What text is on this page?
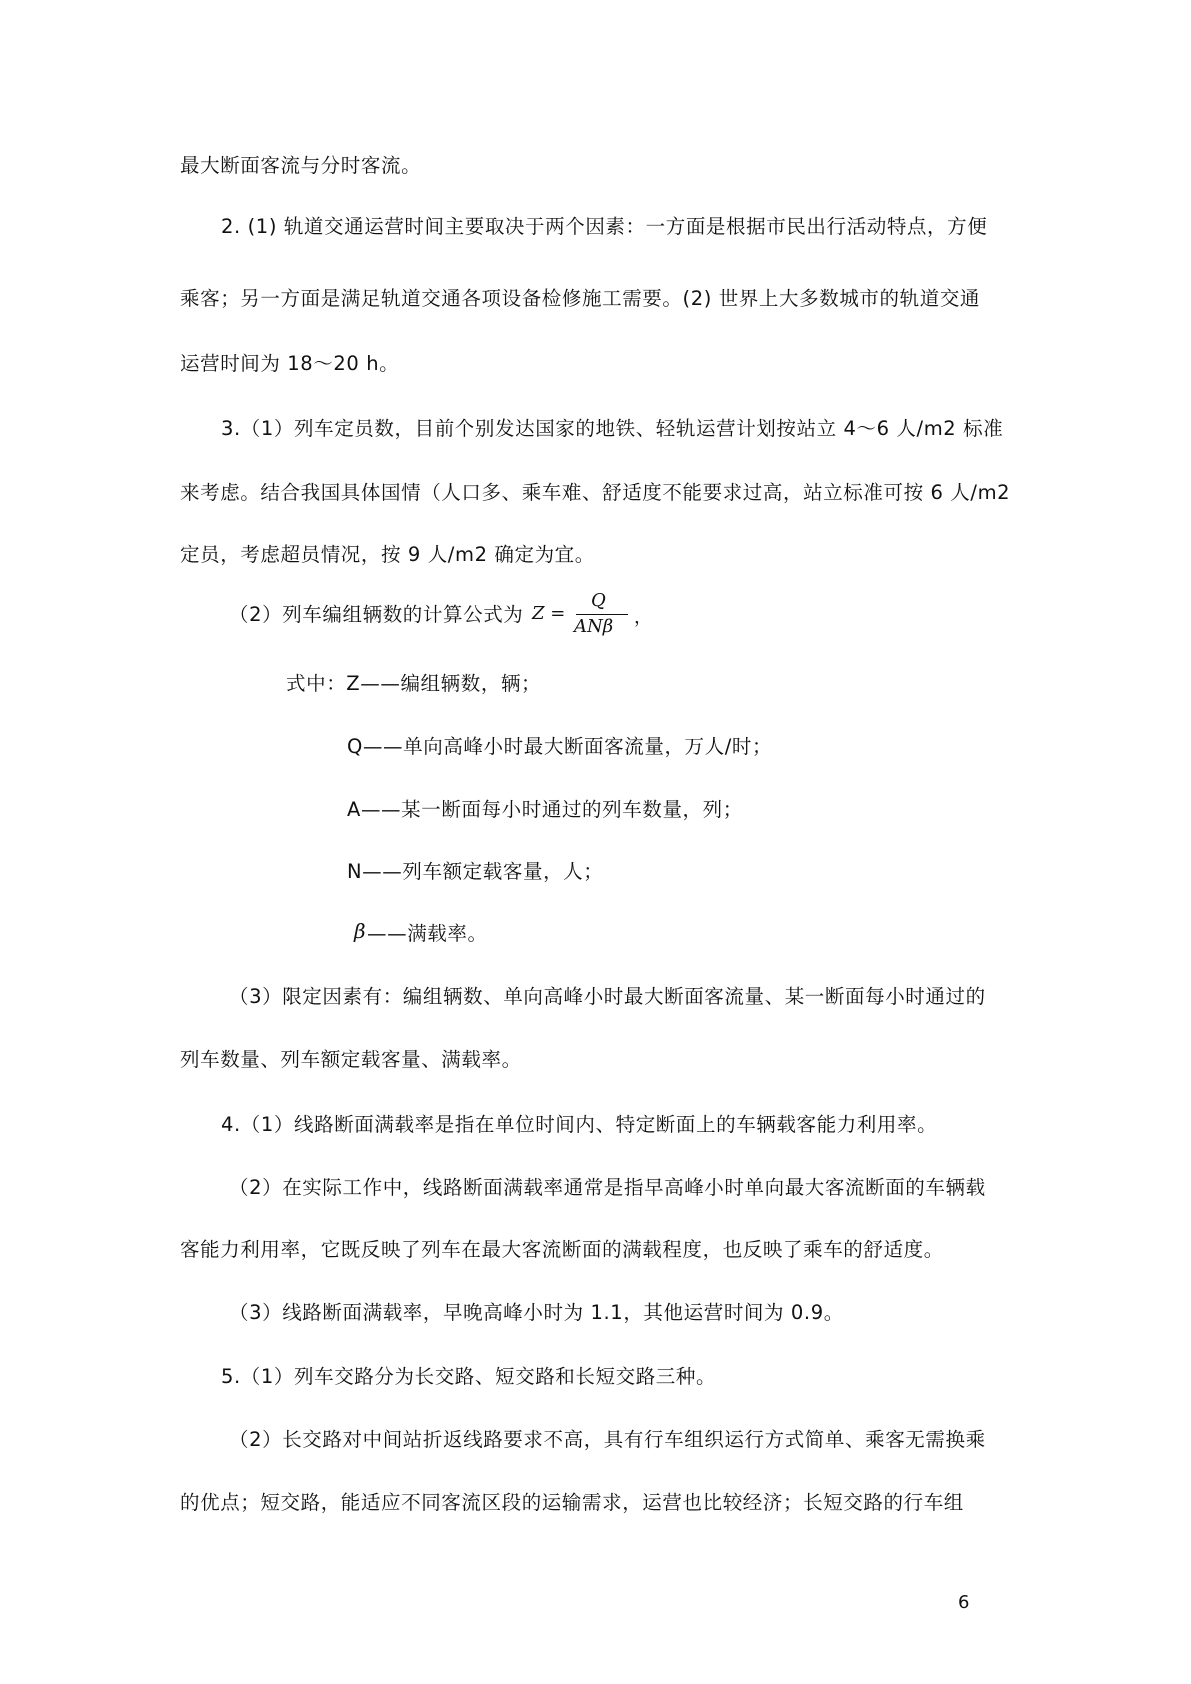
最大断面客流与分时客流。
2. (1) 轨道交通运营时间主要取决于两个因素：一方面是根据市民出行活动特点，方便
乘客；另一方面是满足轨道交通各项设备检修施工需要。(2) 世界上大多数城市的轨道交通
运营时间为 18～20 h。
3.（1）列车定员数，目前个别发达国家的地铁、轻轨运营计划按站立 4～6 人/m2 标准
来考虑。结合我国具体国情（人口多、乘车难、舒适度不能要求过高，站立标准可按 6 人/m2
定员，考虑超员情况，按 9 人/m2 确定为宜。
（2）列车编组辆数的计算公式为 Z =
Q
ANβ ，
式中：Z——编组辆数，辆；
Q——单向高峰小时最大断面客流量，万人/时；
A——某一断面每小时通过的列车数量，列；
N——列车额定载客量，人；
β ——满载率。
（3）限定因素有：编组辆数、单向高峰小时最大断面客流量、某一断面每小时通过的
列车数量、列车额定载客量、满载率。
4.（1）线路断面满载率是指在单位时间内、特定断面上的车辆载客能力利用率。
（2）在实际工作中，线路断面满载率通常是指早高峰小时单向最大客流断面的车辆载
客能力利用率，它既反映了列车在最大客流断面的满载程度，也反映了乘车的舒适度。
（3）线路断面满载率，早晚高峰小时为 1.1，其他运营时间为 0.9。
5.（1）列车交路分为长交路、短交路和长短交路三种。
（2）长交路对中间站折返线路要求不高，具有行车组织运行方式简单、乘客无需换乘
的优点；短交路，能适应不同客流区段的运输需求，运营也比较经济；长短交路的行车组
6
